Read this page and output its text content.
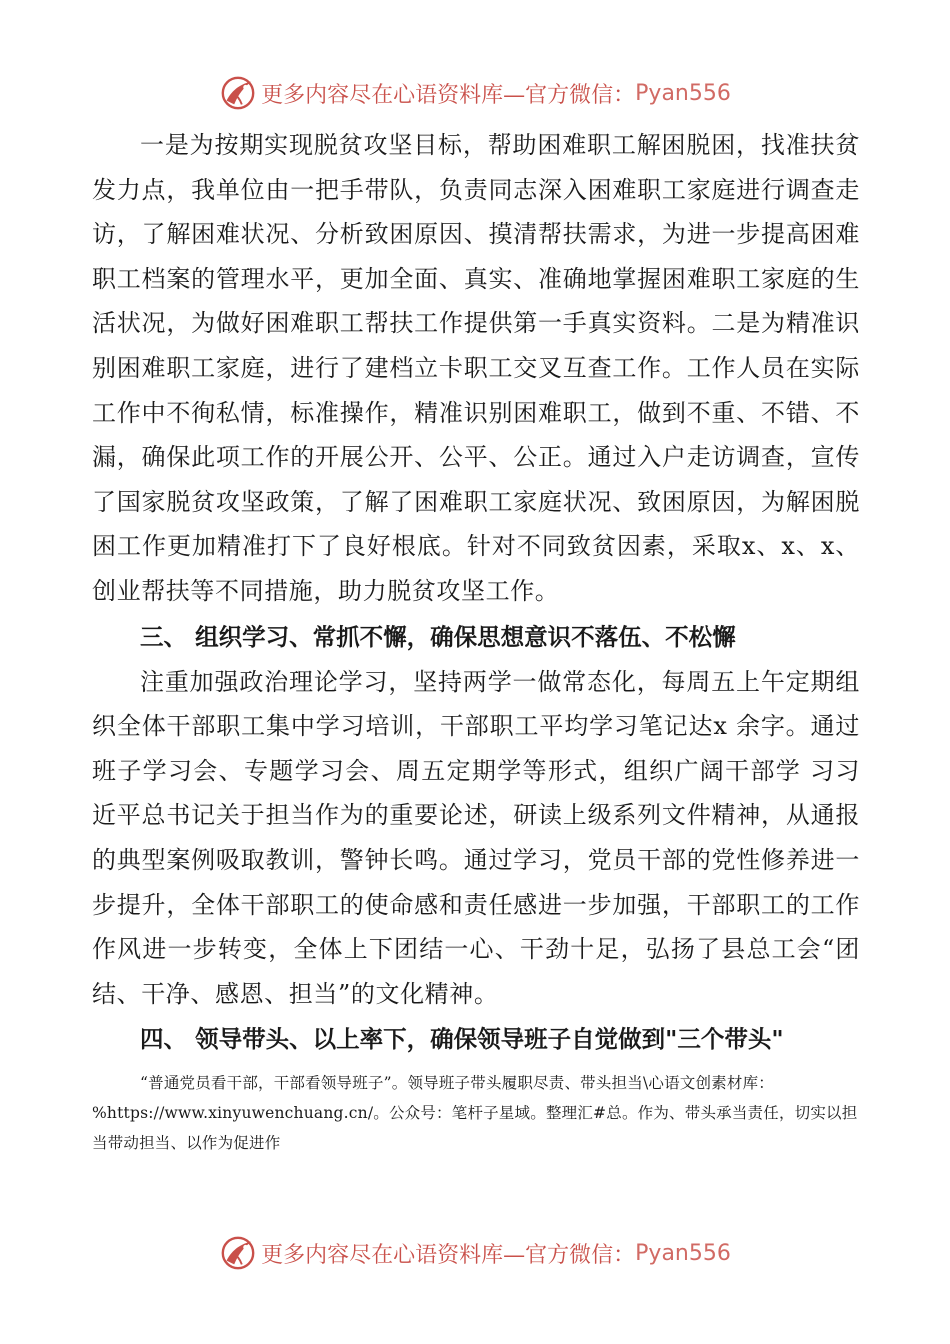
更多内容尽在心语资料库—官方微信： Pyan556

一是为按期实现脱贫攻坚目标，帮助困难职工解困脱困，找准扶贫发力点，我单位由一把手带队，负责同志深入困难职工家庭进行调查走访，了解困难状况、分析致困原因、摸清帮扶需求，为进一步提高困难职工档案的管理水平，更加全面、真实、准确地掌握困难职工家庭的生活状况，为做好困难职工帮扶工作提供第一手真实资料。二是为精准识别困难职工家庭，进行了建档立卡职工交叉互查工作。工作人员在实际工作中不徇私情，标准操作，精准识别困难职工，做到不重、不错、不漏，确保此项工作的开展公开、公平、公正。通过入户走访调查，宣传了国家脱贫攻坚政策，了解了困难职工家庭状况、致困原因，为解困脱困工作更加精准打下了良好根底。针对不同致贫因素，采取x、x、x、 创业帮扶等不同措施，助力脱贫攻坚工作。

三、 组织学习、常抓不懈，确保思想意识不落伍、不松懈

注重加强政治理论学习，坚持两学一做常态化，每周五上午定期组织全体干部职工集中学习培训，干部职工平均学习笔记达x 余字。通过班子学习会、专题学习会、周五定期学等形式，组织广阔干部学 习习近平总书记关于担当作为的重要论述，研读上级系列文件精神，从通报的典型案例吸取教训，警钟长鸣。通过学习，党员干部的党性修养进一步提升，全体干部职工的使命感和责任感进一步加强，干部职工的工作作风进一步转变，全体上下团结一心、干劲十足，弘扬了县总工会“团结、干净、感恩、担当”的文化精神。

四、 领导带头、以上率下，确保领导班子自觉做到"三个带头"

“普通党员看干部，干部看领导班子”。领导班子带头履职尽责、带头担当\心语文创素材库：%https://www.xinyuwenchuang.cn/。公众号：笔杆子星域。整理汇#总。作为、带头承当责任，切实以担当带动担当、以作为促进作

更多内容尽在心语资料库—官方微信： Pyan556
